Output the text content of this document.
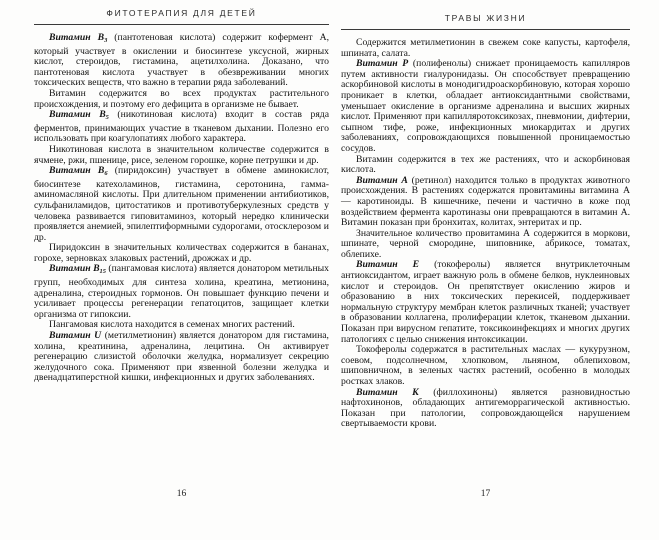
ФИТОТЕРАПИЯ ДЛЯ ДЕТЕЙ

Витамин $В_3$ (пантотеновая кислота) содержит кофермент А, который участвует в окислении и биосинтезе уксусной, жирных кислот, стероидов, гистамина, ацетилхолина. Доказано, что пантотеновая кислота участвует в обезвреживании многих токсических веществ, что важно в терапии ряда заболеваний.

Витамин содержится во всех продуктах растительного происхождения, и поэтому его дефицита в организме не бывает.

Витамин $В_5$ (никотиновая кислота) входит в состав ряда ферментов, принимающих участие в тканевом дыхании. Полезно его использовать при коагулопатиях любого характера.

Никотиновая кислота в значительном количестве содержится в ячмене, ржи, пшенице, рисе, зеленом горошке, корне петрушки и др.

Витамин $В_6$ (пиридоксин) участвует в обмене аминокислот, биосинтезе катехоламинов, гистамина, серотонина, гамма-аминомасляной кислоты. При длительном применении антибиотиков, сульфаниламидов, цитостатиков и противотуберкулезных средств у человека развивается гиповитаминоз, который нередко клинически проявляется анемией, эпилептиформными судорогами, отосклерозом и др.

Пиридоксин в значительных количествах содержится в бананах, горохе, зерновках злаковых растений, дрожжах и др.

Витамин $В_{15}$ (пангамовая кислота) является донатором метильных групп, необходимых для синтеза холина, креатина, метионина, адреналина, стероидных гормонов. Он повышает функцию печени и усиливает процессы регенерации гепатоцитов, защищает клетки организма от гипоксии.

Пангамовая кислота находится в семенах многих растений.

Витамин U (метилметионин) является донатором для гистамина, холина, креатинина, адреналина, лецитина. Он активирует регенерацию слизистой оболочки желудка, нормализует секрецию желудочного сока. Применяют при язвенной болезни желудка и двенадцатиперстной кишки, инфекционных и других заболеваниях.

16
ТРАВЫ ЖИЗНИ

Содержится метилметионин в свежем соке капусты, картофеля, шпината, салата.

Витамин Р (полифенолы) снижает проницаемость капилляров путем активности гиалуронидазы. Он способствует превращению аскорбиновой кислоты в монодигидроаскорбиновую, которая хорошо проникает в клетки, обладает антиоксидантными свойствами, уменьшает окисление в организме адреналина и высших жирных кислот. Применяют при капилляротоксикозах, пневмонии, дифтерии, сыпном тифе, роже, инфекционных миокардитах и других заболеваниях, сопровождающихся повышенной проницаемостью сосудов.

Витамин содержится в тех же растениях, что и аскорбиновая кислота.

Витамин А (ретинол) находится только в продуктах животного происхождения. В растениях содержатся провитамины витамина А — каротиноиды. В кишечнике, печени и частично в коже под воздействием фермента каротиназы они превращаются в витамин А. Витамин показан при бронхитах, колитах, энтеритах и пр.

Значительное количество провитамина А содержится в моркови, шпинате, черной смородине, шиповнике, абрикосе, томатах, облепихе.

Витамин Е (токоферолы) является внутриклеточным антиоксидантом, играет важную роль в обмене белков, нуклеиновых кислот и стероидов. Он препятствует окислению жиров и образованию в них токсических перекисей, поддерживает нормальную структуру мембран клеток различных тканей; участвует в образовании коллагена, пролиферации клеток, тканевом дыхании. Показан при вирусном гепатите, токсикоинфекциях и многих других патологиях с целью снижения интоксикации.

Токоферолы содержатся в растительных маслах — кукурузном, соевом, подсолнечном, хлопковом, льняном, облепиховом, шиповничном, в зеленых частях растений, особенно в молодых ростках злаков.

Витамин К (филлохиноны) является разновидностью нафтохинонов, обладающих антигеморрагической активностью. Показан при патологии, сопровождающейся нарушением свертываемости крови.

17
